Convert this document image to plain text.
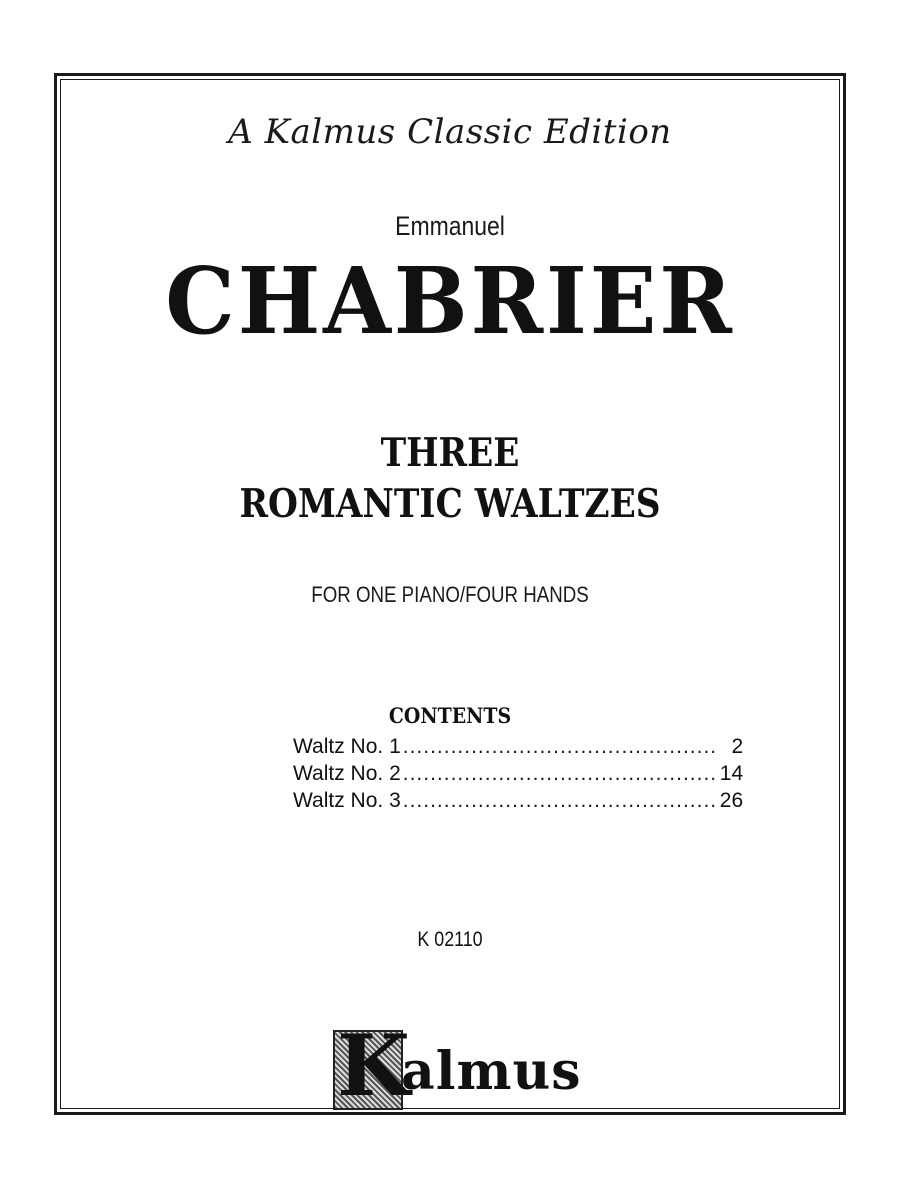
A Kalmus Classic Edition
Emmanuel
CHABRIER
THREE
ROMANTIC WALTZES
FOR ONE PIANO/FOUR HANDS
CONTENTS
Waltz No. 1 .............................................. 2
Waltz No. 2 .............................................. 14
Waltz No. 3 .............................................. 26
K 02110
K
almus
